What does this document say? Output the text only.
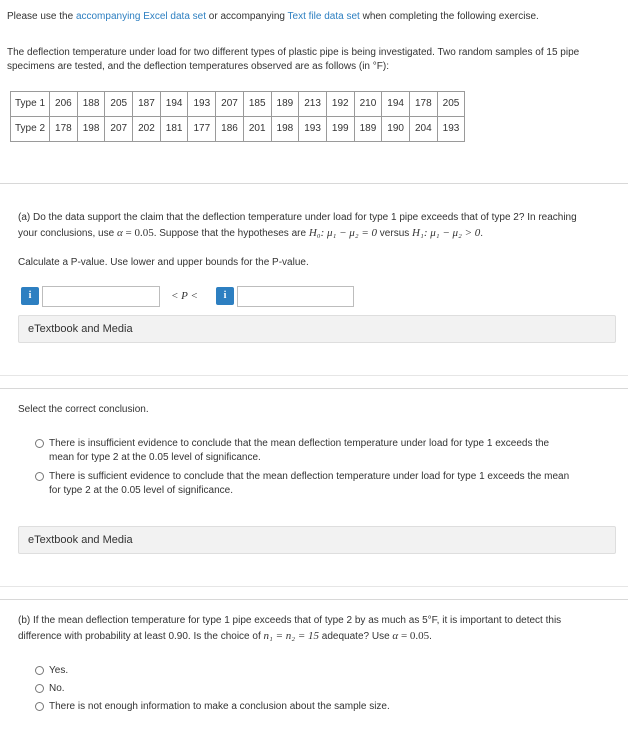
Please use the accompanying Excel data set or accompanying Text file data set when completing the following exercise.

The deflection temperature under load for two different types of plastic pipe is being investigated. Two random samples of 15 pipe

specimens are tested, and the deflection temperatures observed are as follows (in °F):

Type 1	206	188	205	187	194	193	207	185	189	213	192	210	194	178	205
Type 2	178	198	207	202	181	177	186	201	198	193	199	189	190	204	193

(a) Do the data support the claim that the deflection temperature under load for type 1 pipe exceeds that of type 2? In reaching

your conclusions, use α = 0.05. Suppose that the hypotheses are H₀: μ₁ − μ₂ = 0 versus H₁: μ₁ − μ₂ > 0.

Calculate a P-value. Use lower and upper bounds for the P-value.

i	< P <	i
eTextbook and Media

Select the correct conclusion.

There is insufficient evidence to conclude that the mean deflection temperature under load for type 1 exceeds the
mean for type 2 at the 0.05 level of significance.
There is sufficient evidence to conclude that the mean deflection temperature under load for type 1 exceeds the mean
for type 2 at the 0.05 level of significance.
eTextbook and Media

(b) If the mean deflection temperature for type 1 pipe exceeds that of type 2 by as much as 5°F, it is important to detect this

difference with probability at least 0.90. Is the choice of n₁ = n₂ = 15 adequate? Use α = 0.05.

Yes.
No.
There is not enough information to make a conclusion about the sample size.
